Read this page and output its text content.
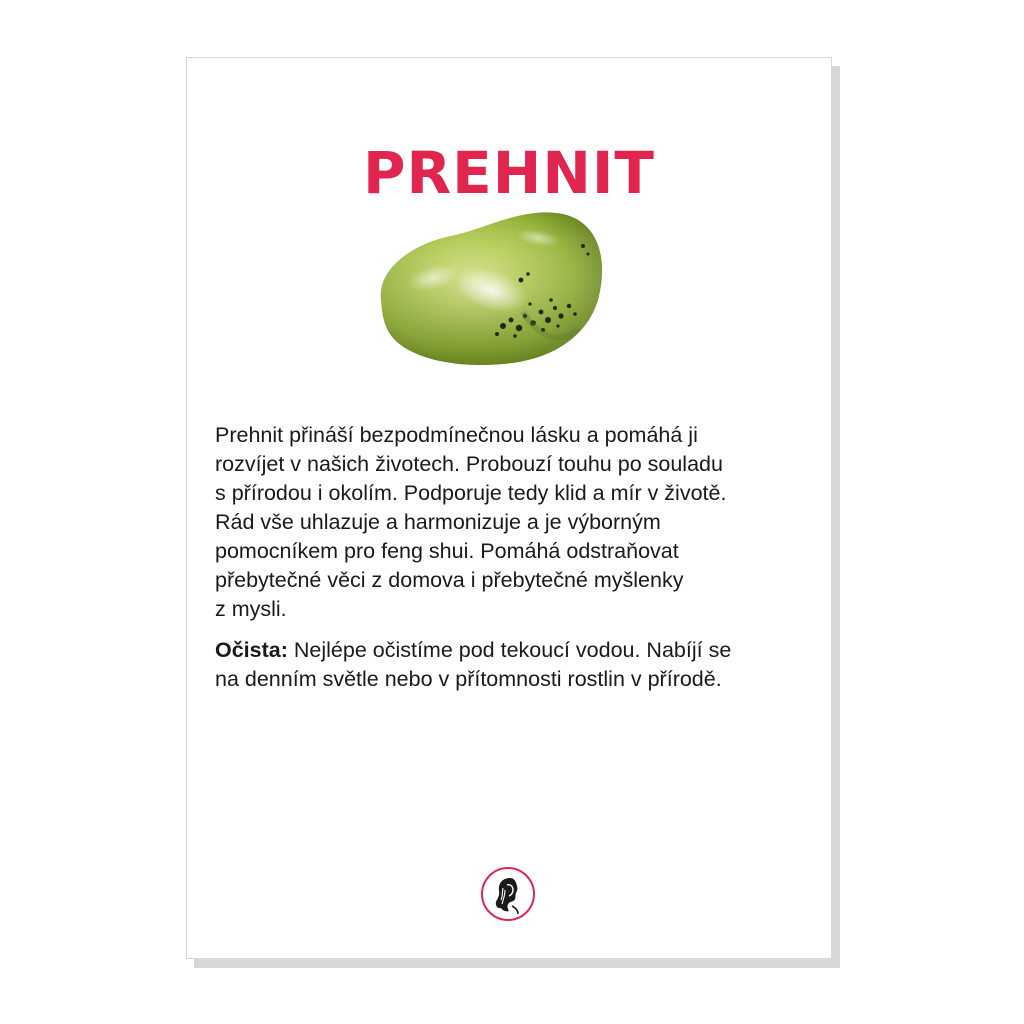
PREHNIT

Prehnit přináší bezpodmínečnou lásku a pomáhá ji
rozvíjet v našich životech. Probouzí touhu po souladu
s přírodou i okolím. Podporuje tedy klid a mír v životě.
Rád vše uhlazuje a harmonizuje a je výborným
pomocníkem pro feng shui. Pomáhá odstraňovat
přebytečné věci z domova i přebytečné myšlenky
z mysli.

Očista: Nejlépe očistíme pod tekoucí vodou. Nabíjí se
na denním světle nebo v přítomnosti rostlin v přírodě.
